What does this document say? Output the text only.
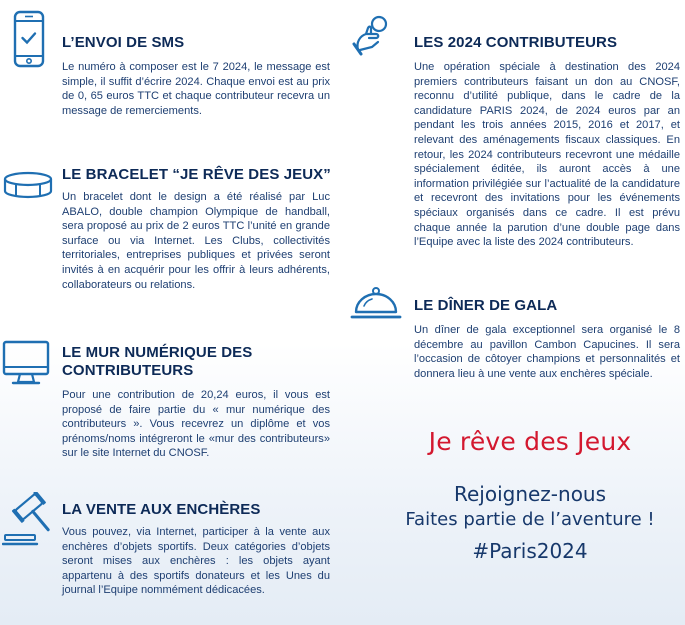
L’ENVOI DE SMS

Le numéro à composer est le 7 2024, le message est simple, il suffit d’écrire 2024. Chaque envoi est au prix de 0, 65 euros TTC et chaque contributeur recevra un message de remerciements.

LE BRACELET “JE RÊVE DES JEUX”

Un bracelet dont le design a été réalisé par Luc ABALO, double champion Olympique de handball, sera proposé au prix de 2 euros TTC l’unité en grande surface ou via Internet. Les Clubs, collectivités territoriales, entreprises publiques et privées seront invités à en acquérir pour les offrir à leurs adhérents, collaborateurs ou relations.

LE MUR NUMÉRIQUE DES CONTRIBUTEURS

Pour une contribution de 20,24 euros, il vous est proposé de faire partie du « mur numérique des contributeurs ». Vous recevrez un diplôme et vos prénoms/noms intégreront le «mur des contributeurs» sur le site Internet du CNOSF.

LA VENTE AUX ENCHÈRES

Vous pouvez, via Internet, participer à la vente aux enchères d’objets sportifs. Deux catégories d’objets seront mises aux enchères : les objets ayant appartenu à des sportifs donateurs et les Unes du journal l’Equipe nommément dédicacées.

LES 2024 CONTRIBUTEURS

Une opération spéciale à destination des 2024 premiers contributeurs faisant un don au CNOSF, reconnu d’utilité publique, dans le cadre de la candidature PARIS 2024, de 2024 euros par an pendant les trois années 2015, 2016 et 2017, et relevant des aménagements fiscaux classiques. En retour, les 2024 contributeurs recevront une médaille spécialement éditée, ils auront accès à une information privilégiée sur l’actualité de la candidature et recevront des invitations pour les événements spéciaux organisés dans ce cadre. Il est prévu chaque année la parution d’une double page dans l’Equipe avec la liste des 2024 contributeurs.

LE DÎNER DE GALA

Un dîner de gala exceptionnel sera organisé le 8 décembre au pavillon Cambon Capucines. Il sera l’occasion de côtoyer champions et personnalités et donnera lieu à une vente aux enchères spéciale.

Je rêve des Jeux

Rejoignez-nous

Faites partie de l’aventure !

#Paris2024
